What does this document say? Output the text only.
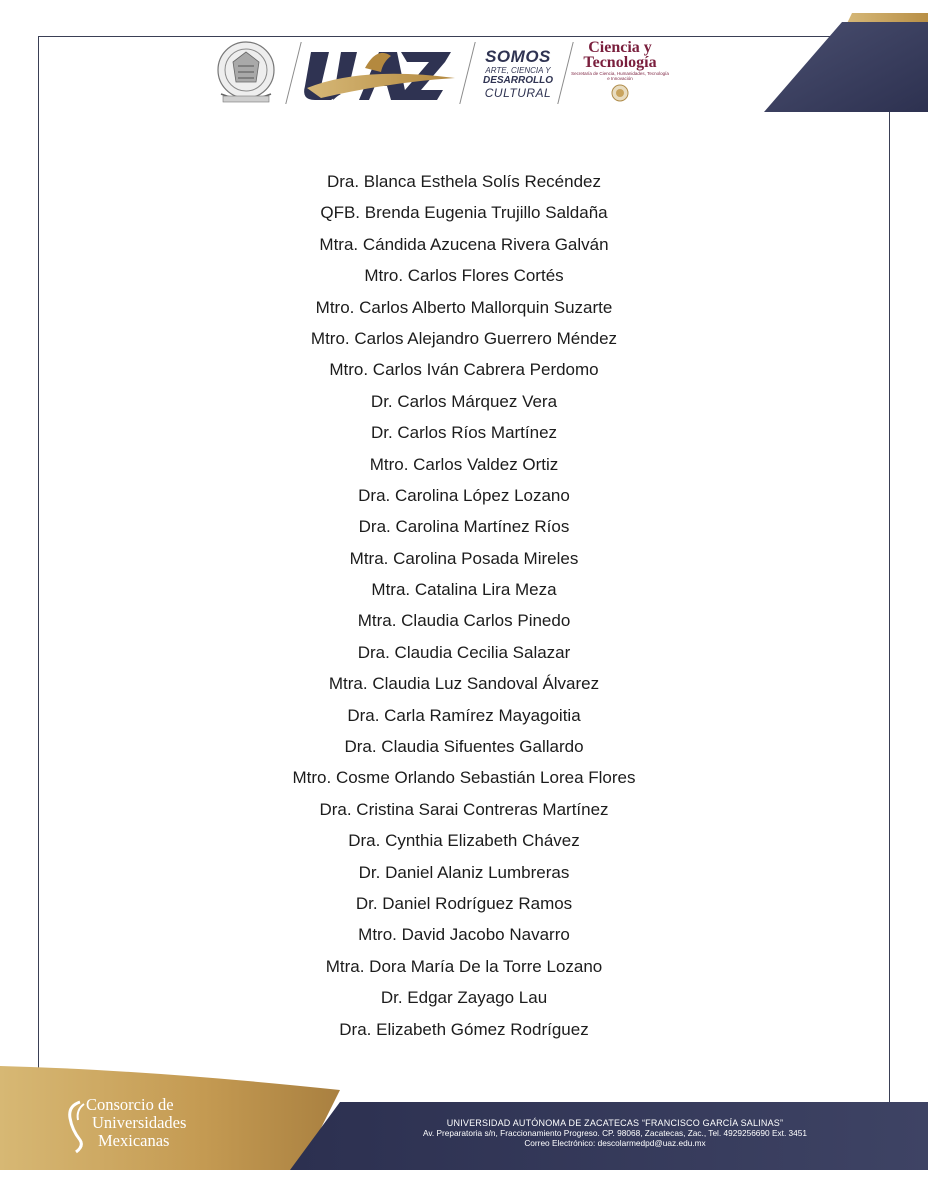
SOMOS
ARTE, CIENCIA Y
DESARROLLO
CULTURAL
Ciencia y
Tecnología
Secretaría de Ciencia, Humanidades, Tecnología e Innovación
Dra. Blanca Esthela Solís Recéndez
QFB. Brenda Eugenia Trujillo Saldaña
Mtra. Cándida Azucena Rivera Galván
Mtro. Carlos Flores Cortés
Mtro. Carlos Alberto Mallorquin Suzarte
Mtro. Carlos Alejandro Guerrero Méndez
Mtro. Carlos Iván Cabrera Perdomo
Dr. Carlos Márquez Vera
Dr. Carlos Ríos Martínez
Mtro. Carlos Valdez Ortiz
Dra. Carolina López Lozano
Dra. Carolina Martínez Ríos
Mtra. Carolina Posada Mireles
Mtra. Catalina Lira Meza
Mtra. Claudia Carlos Pinedo
Dra. Claudia Cecilia Salazar
Mtra. Claudia Luz Sandoval Álvarez
Dra. Carla Ramírez Mayagoitia
Dra. Claudia Sifuentes Gallardo
Mtro. Cosme Orlando Sebastián Lorea Flores
Dra. Cristina Sarai Contreras Martínez
Dra. Cynthia Elizabeth Chávez
Dr. Daniel Alaniz Lumbreras
Dr. Daniel Rodríguez Ramos
Mtro. David Jacobo Navarro
Mtra. Dora María De la Torre Lozano
Dr. Edgar Zayago Lau
Dra. Elizabeth Gómez Rodríguez
Consorcio de
Universidades
Mexicanas
UNIVERSIDAD AUTÓNOMA DE ZACATECAS “FRANCISCO GARCÍA SALINAS”
Av. Preparatoria s/n, Fraccionamiento Progreso. CP. 98068, Zacatecas, Zac., Tel. 4929256690 Ext. 3451
Correo Electrónico: descolarmedpd@uaz.edu.mx
